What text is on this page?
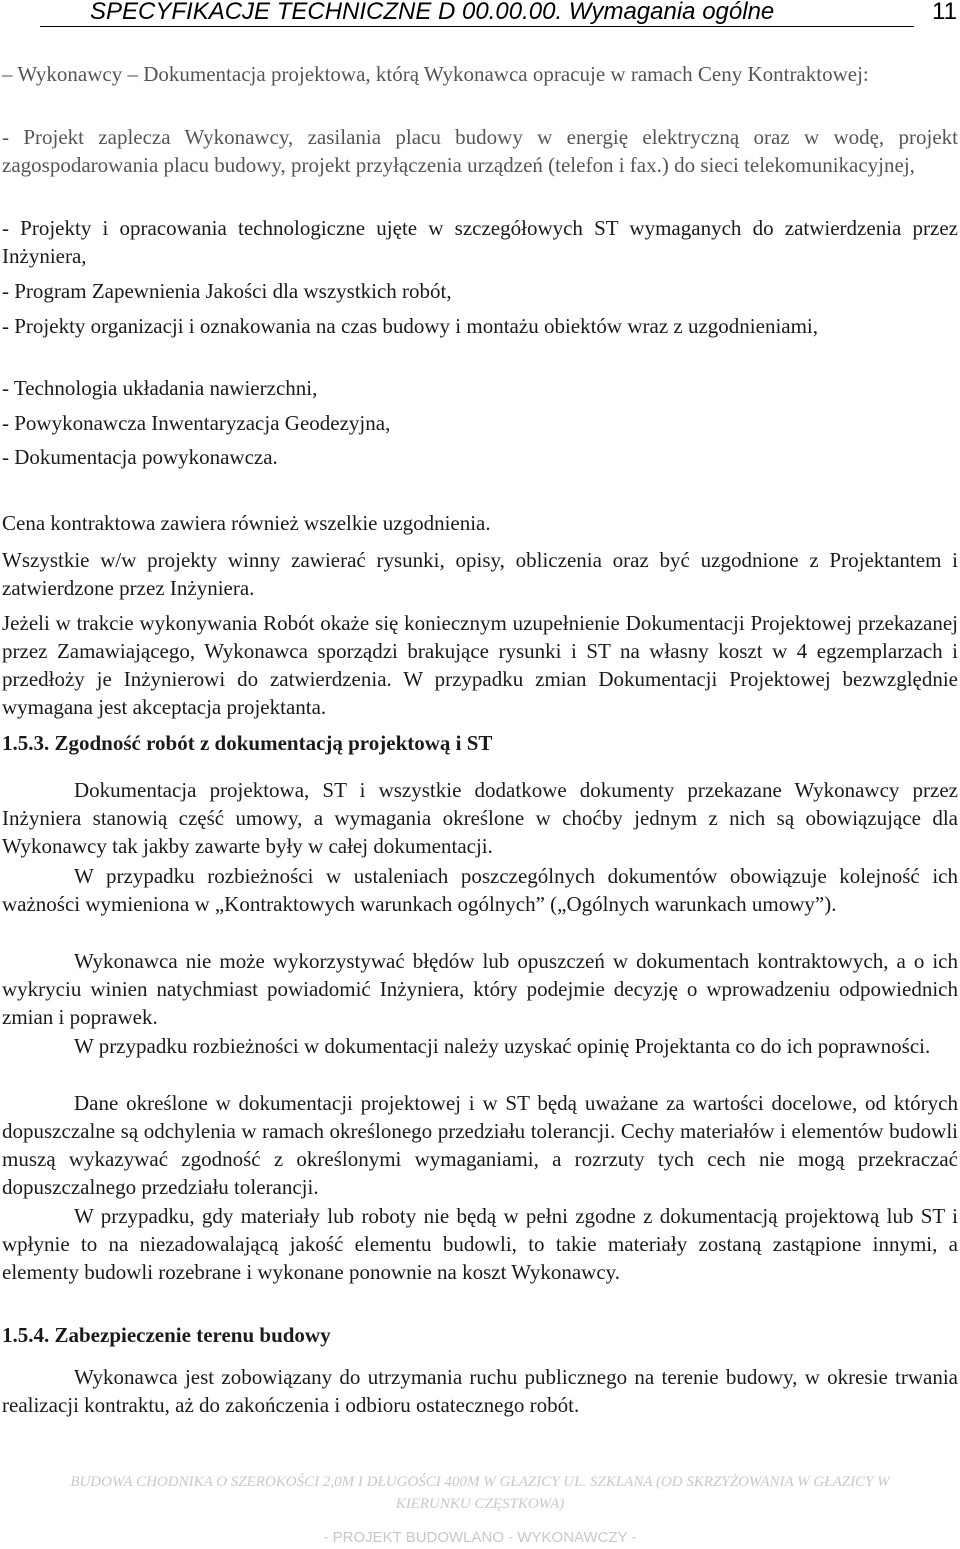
SPECYFIKACJE TECHNICZNE D 00.00.00. Wymagania ogólne	11

– Wykonawcy – Dokumentacja projektowa, którą Wykonawca opracuje w ramach Ceny Kontraktowej:

- Projekt zaplecza Wykonawcy, zasilania placu budowy w energię elektryczną oraz w wodę, projekt zagospodarowania placu budowy, projekt przyłączenia urządzeń (telefon i fax.) do sieci telekomunikacyjnej,

- Projekty i opracowania technologiczne ujęte w szczegółowych ST wymaganych do zatwierdzenia przez Inżyniera,

- Program Zapewnienia Jakości dla wszystkich robót,

- Projekty organizacji i oznakowania na czas budowy i montażu obiektów wraz z uzgodnieniami,

- Technologia układania nawierzchni,

- Powykonawcza Inwentaryzacja Geodezyjna,

- Dokumentacja powykonawcza.

Cena kontraktowa zawiera również wszelkie uzgodnienia.

Wszystkie w/w projekty winny zawierać rysunki, opisy, obliczenia oraz być uzgodnione z Projektantem i zatwierdzone przez Inżyniera.

Jeżeli w trakcie wykonywania Robót okaże się koniecznym uzupełnienie Dokumentacji Projektowej przekazanej przez Zamawiającego, Wykonawca sporządzi brakujące rysunki i ST na własny koszt w 4 egzemplarzach i przedłoży je Inżynierowi do zatwierdzenia. W przypadku zmian Dokumentacji Projektowej bezwzględnie wymagana jest akceptacja projektanta.

1.5.3. Zgodność robót z dokumentacją projektową i ST

Dokumentacja projektowa, ST i wszystkie dodatkowe dokumenty przekazane Wykonawcy przez Inżyniera stanowią część umowy, a wymagania określone w choćby jednym z nich są obowiązujące dla Wykonawcy tak jakby zawarte były w całej dokumentacji.

W przypadku rozbieżności w ustaleniach poszczególnych dokumentów obowiązuje kolejność ich ważności wymieniona w „Kontraktowych warunkach ogólnych” („Ogólnych warunkach umowy”).

Wykonawca nie może wykorzystywać błędów lub opuszczeń w dokumentach kontraktowych, a o ich wykryciu winien natychmiast powiadomić Inżyniera, który podejmie decyzję o wprowadzeniu odpowiednich zmian i poprawek.

W przypadku rozbieżności w dokumentacji należy uzyskać opinię Projektanta co do ich poprawności.

Dane określone w dokumentacji projektowej i w ST będą uważane za wartości docelowe, od których dopuszczalne są odchylenia w ramach określonego przedziału tolerancji. Cechy materiałów i elementów budowli muszą wykazywać zgodność z określonymi wymaganiami, a rozrzuty tych cech nie mogą przekraczać dopuszczalnego przedziału tolerancji.

W przypadku, gdy materiały lub roboty nie będą w pełni zgodne z dokumentacją projektową lub ST i wpłynie to na niezadowalającą jakość elementu budowli, to takie materiały zostaną zastąpione innymi, a elementy budowli rozebrane i wykonane ponownie na koszt Wykonawcy.

1.5.4. Zabezpieczenie terenu budowy

Wykonawca jest zobowiązany do utrzymania ruchu publicznego na terenie budowy, w okresie trwania realizacji kontraktu, aż do zakończenia i odbioru ostatecznego robót.

BUDOWA CHODNIKA O SZEROKOŚCI 2,0M I DŁUGOŚCI 400M W GŁAZICY UL. SZKLANA (OD SKRZYŻOWANIA W GŁAZICY W
KIERUNKU CZĘSTKOWA)
- PROJEKT BUDOWLANO - WYKONAWCZY -
